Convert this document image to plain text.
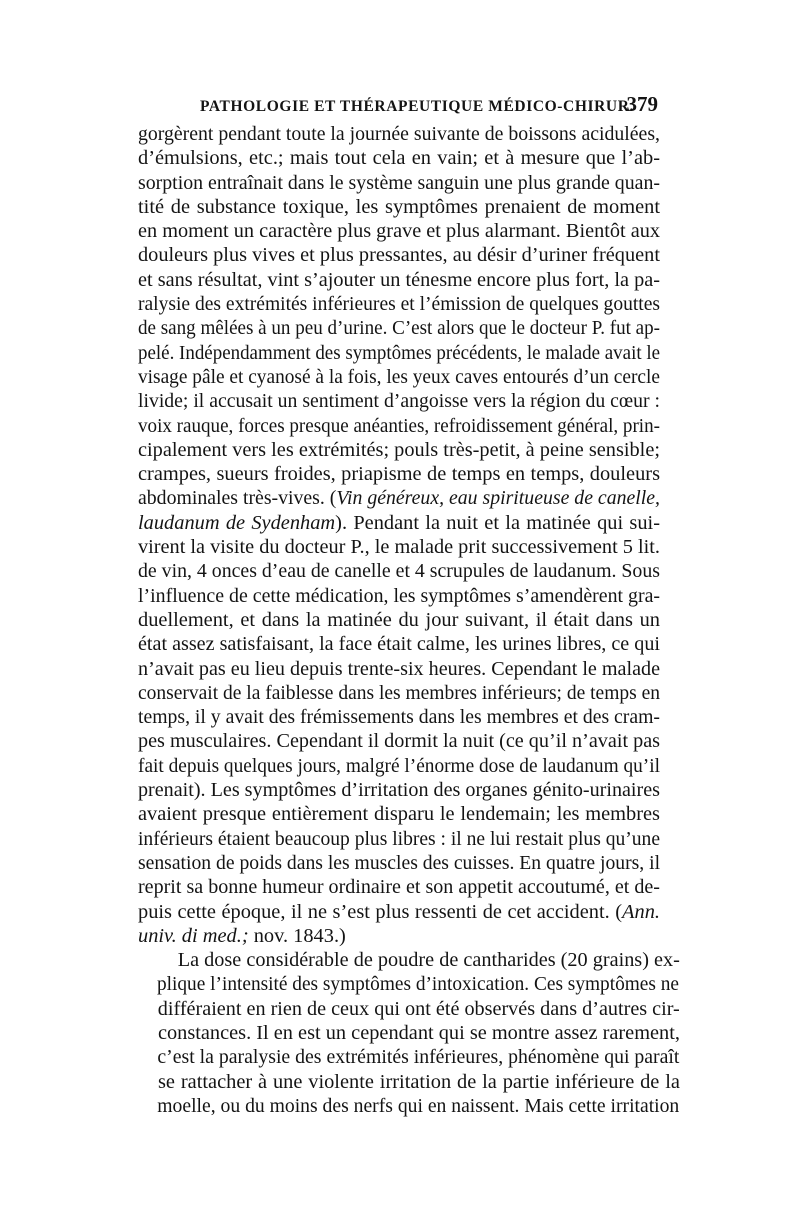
PATHOLOGIE ET THÉRAPEUTIQUE MÉDICO-CHIRUR.
379

gorgèrent pendant toute la journée suivante de boissons acidulées,
d’émulsions, etc.; mais tout cela en vain; et à mesure que l’ab-
sorption entraînait dans le système sanguin une plus grande quan-
tité de substance toxique, les symptômes prenaient de moment
en moment un caractère plus grave et plus alarmant. Bientôt aux
douleurs plus vives et plus pressantes, au désir d’uriner fréquent
et sans résultat, vint s’ajouter un ténesme encore plus fort, la pa-
ralysie des extrémités inférieures et l’émission de quelques gouttes
de sang mêlées à un peu d’urine. C’est alors que le docteur P. fut ap-
pelé. Indépendamment des symptômes précédents, le malade avait le
visage pâle et cyanosé à la fois, les yeux caves entourés d’un cercle
livide; il accusait un sentiment d’angoisse vers la région du cœur :
voix rauque, forces presque anéanties, refroidissement général, prin-
cipalement vers les extrémités; pouls très-petit, à peine sensible;
crampes, sueurs froides, priapisme de temps en temps, douleurs
abdominales très-vives. (Vin généreux, eau spiritueuse de canelle,
laudanum de Sydenham). Pendant la nuit et la matinée qui sui-
virent la visite du docteur P., le malade prit successivement 5 lit.
de vin, 4 onces d’eau de canelle et 4 scrupules de laudanum. Sous
l’influence de cette médication, les symptômes s’amendèrent gra-
duellement, et dans la matinée du jour suivant, il était dans un
état assez satisfaisant, la face était calme, les urines libres, ce qui
n’avait pas eu lieu depuis trente-six heures. Cependant le malade
conservait de la faiblesse dans les membres inférieurs; de temps en
temps, il y avait des frémissements dans les membres et des cram-
pes musculaires. Cependant il dormit la nuit (ce qu’il n’avait pas
fait depuis quelques jours, malgré l’énorme dose de laudanum qu’il
prenait). Les symptômes d’irritation des organes génito-urinaires
avaient presque entièrement disparu le lendemain; les membres
inférieurs étaient beaucoup plus libres : il ne lui restait plus qu’une
sensation de poids dans les muscles des cuisses. En quatre jours, il
reprit sa bonne humeur ordinaire et son appetit accoutumé, et de-
puis cette époque, il ne s’est plus ressenti de cet accident. (Ann.
univ. di med.; nov. 1843.)

La dose considérable de poudre de cantharides (20 grains) ex-
plique l’intensité des symptômes d’intoxication. Ces symptômes ne
différaient en rien de ceux qui ont été observés dans d’autres cir-
constances. Il en est un cependant qui se montre assez rarement,
c’est la paralysie des extrémités inférieures, phénomène qui paraît
se rattacher à une violente irritation de la partie inférieure de la
moelle, ou du moins des nerfs qui en naissent. Mais cette irritation
